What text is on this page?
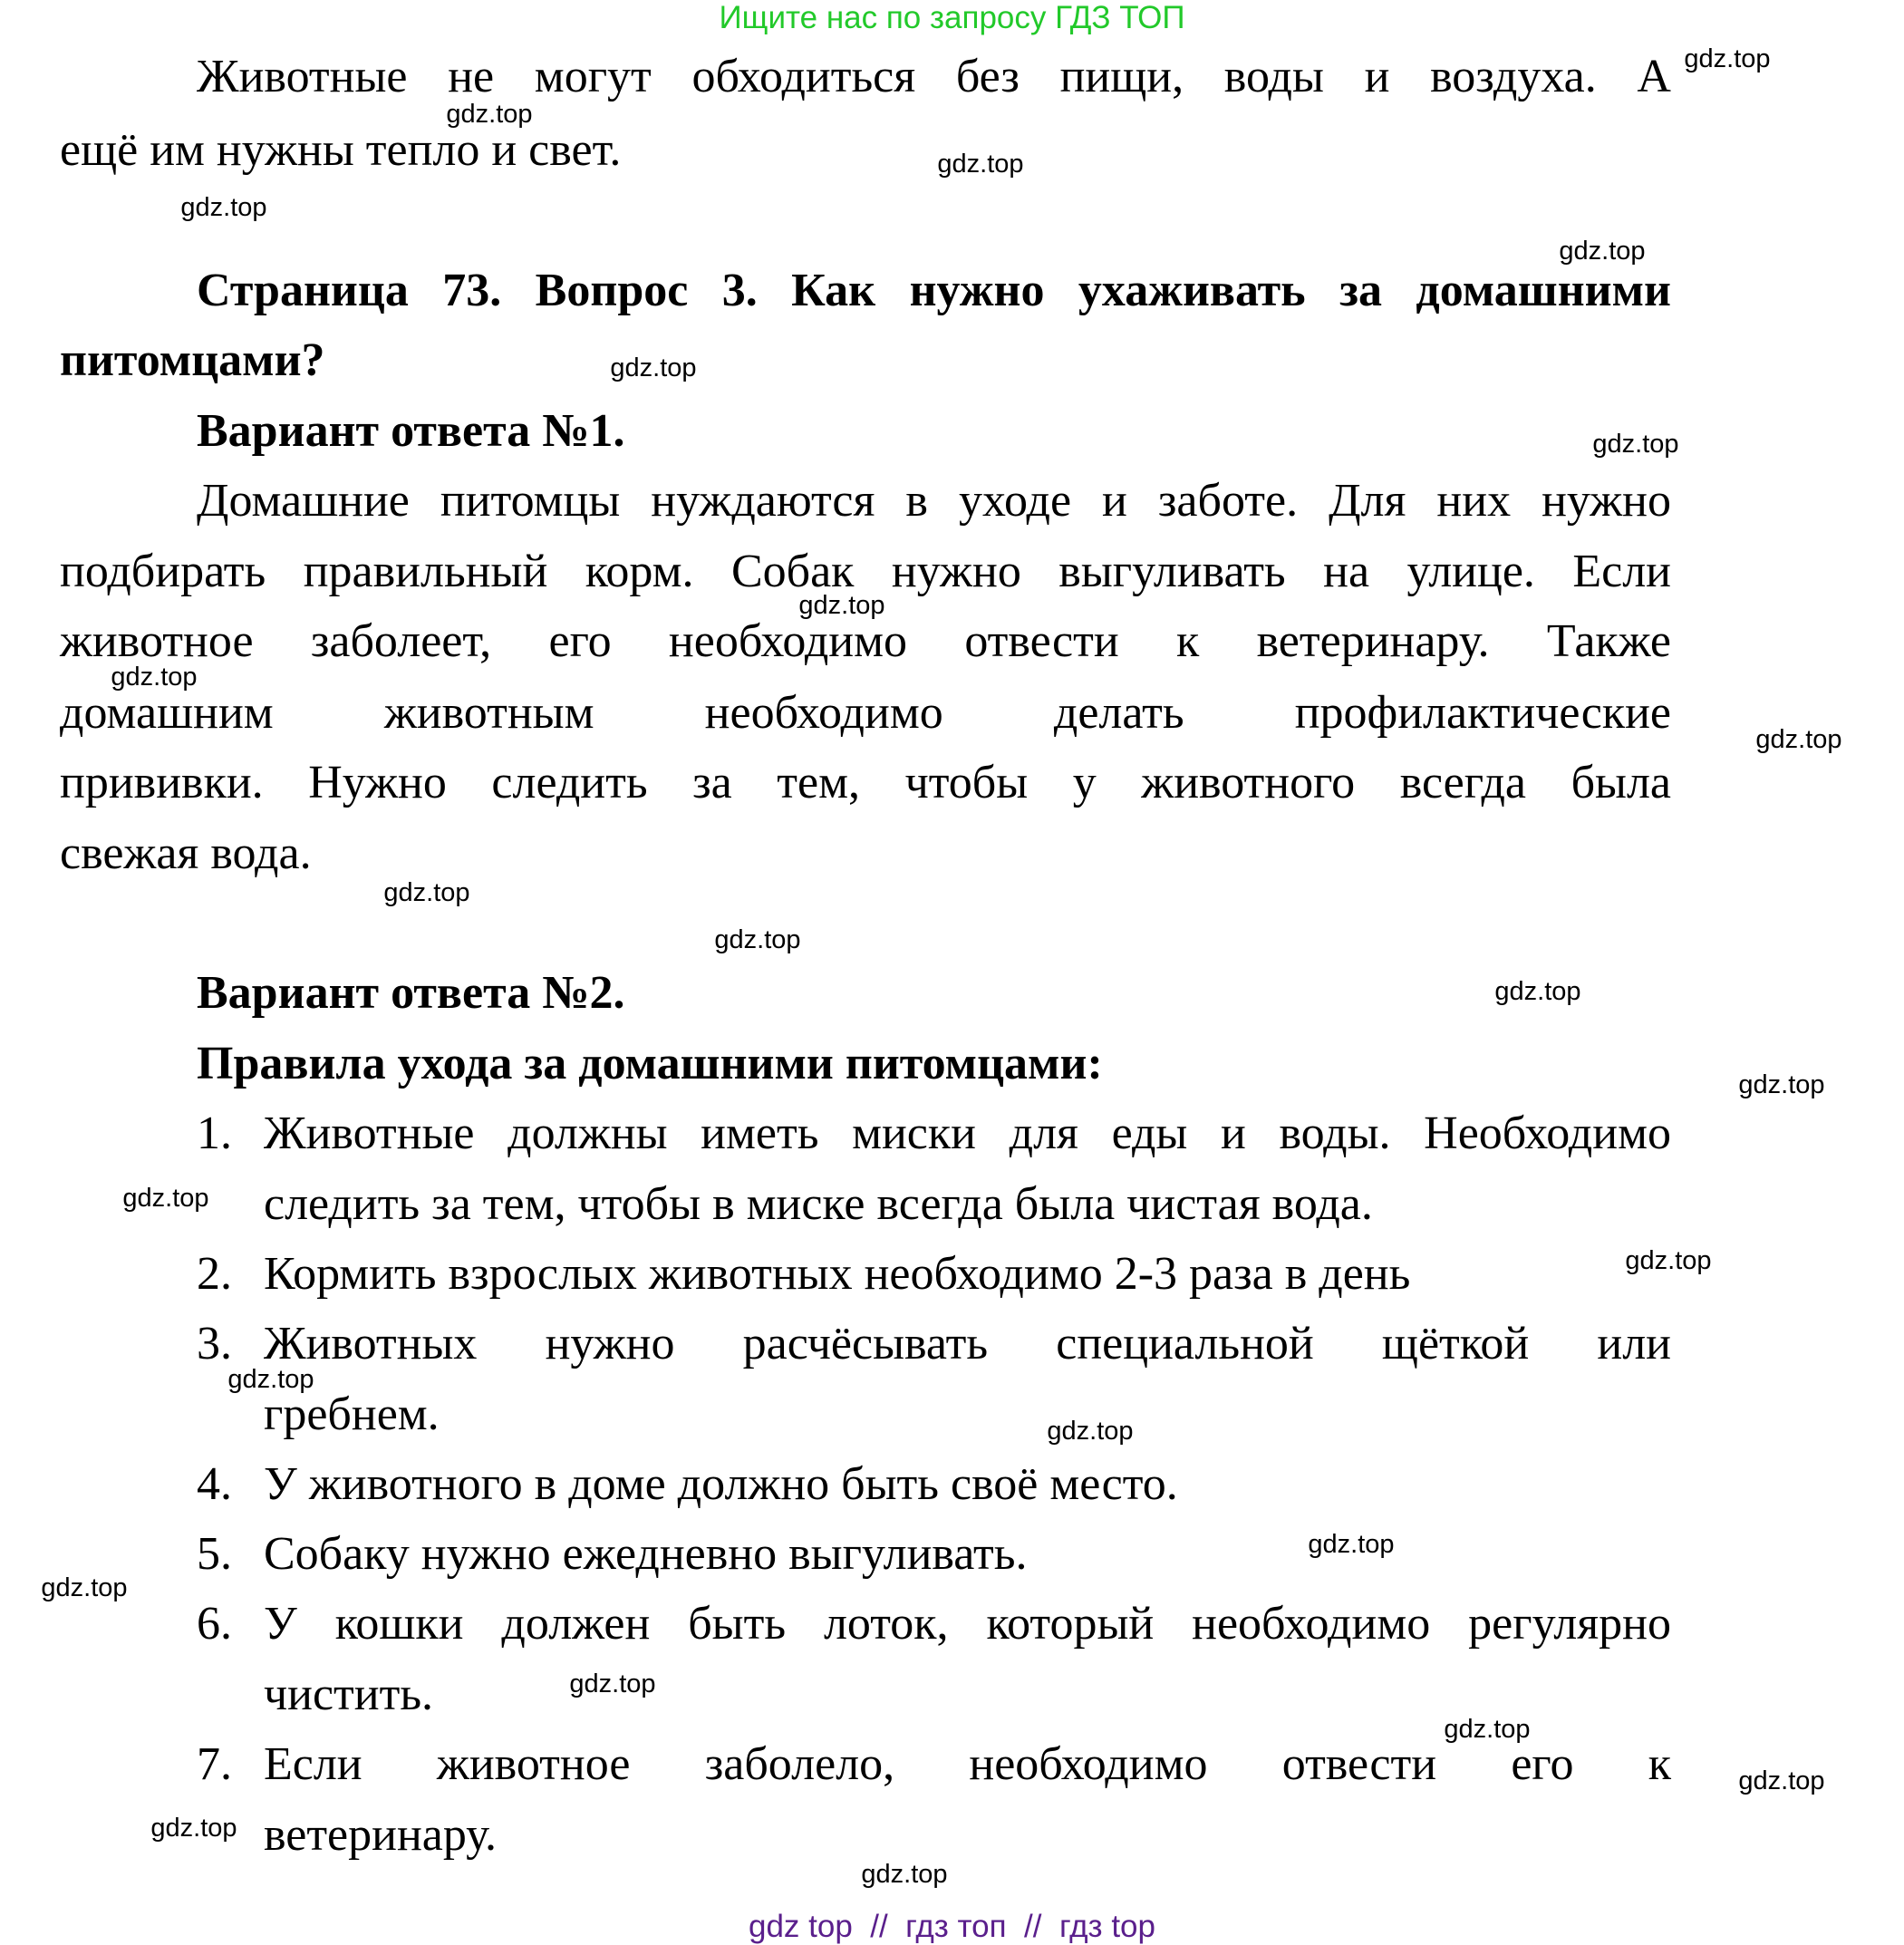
Ищите нас по запросу ГДЗ ТОП
Животные не могут обходиться без пищи, воды и воздуха. А
ещё им нужны тепло и свет.
Страница 73. Вопрос 3. Как нужно ухаживать за домашними
питомцами?
Вариант ответа №1.
Домашние питомцы нуждаются в уходе и заботе. Для них нужно
подбирать правильный корм. Собак нужно выгуливать на улице. Если
животное заболеет, его необходимо отвести к ветеринару. Также
домашним животным необходимо делать профилактические
прививки. Нужно следить за тем, чтобы у животного всегда была
свежая вода.
Вариант ответа №2.
Правила ухода за домашними питомцами:
1. Животные должны иметь миски для еды и воды. Необходимо
следить за тем, чтобы в миске всегда была чистая вода.
2. Кормить взрослых животных необходимо 2-3 раза в день
3. Животных нужно расчёсывать специальной щёткой или
гребнем.
4. У животного в доме должно быть своё место.
5. Собаку нужно ежедневно выгуливать.
6. У кошки должен быть лоток, который необходимо регулярно
чистить.
7. Если животное заболело, необходимо отвести его к
ветеринару.
gdz.top
gdz.top
gdz.top
gdz.top
gdz.top
gdz.top
gdz.top
gdz.top
gdz.top
gdz.top
gdz.top
gdz.top
gdz.top
gdz.top
gdz.top
gdz.top
gdz.top
gdz.top
gdz.top
gdz.top
gdz.top
gdz.top
gdz.top
gdz.top
gdz.top
gdz top  //  гдз топ  //  гдз top
